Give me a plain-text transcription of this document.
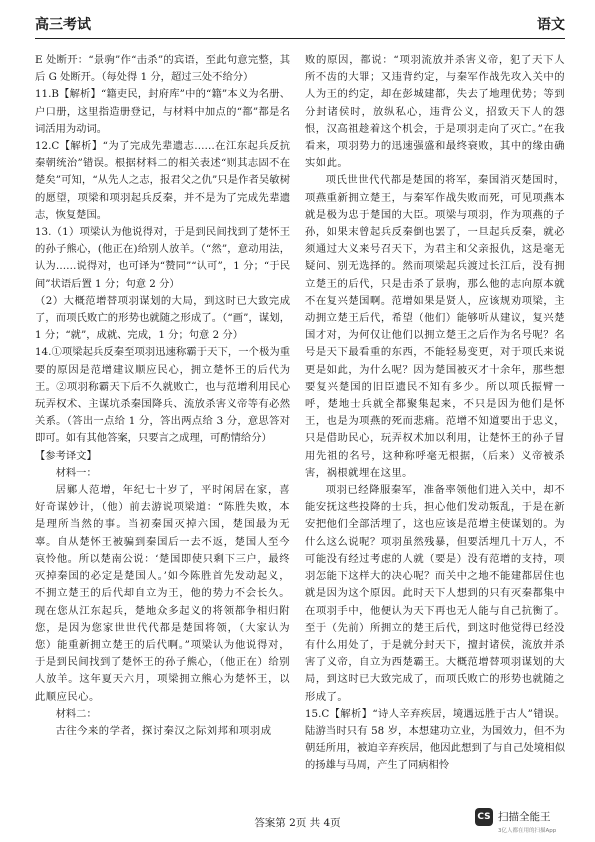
高三考试	语文

E 处断开：“景驹”作“击杀”的宾语，至此句意完整，其后 G 处断开。（每处得 1 分，超过三处不给分）

11.B【解析】“籍吏民，封府库”中的“籍”本义为名册、户口册，这里指造册登记，与材料中加点的“都”都是名词活用为动词。

12.C【解析】“为了完成先辈遗志……在江东起兵反抗秦朝统治”错误。根据材料二的相关表述“则其志固不在楚矣”可知，“从先人之志，报君父之仇”只是作者吴敏树的愿望，项梁和项羽起兵反秦，并不是为了完成先辈遗志，恢复楚国。

13.（1）项梁认为他说得对，于是到民间找到了楚怀王的孙子熊心，(他正在)给别人放羊。（“然”，意动用法，认为……说得对，也可译为“赞同”“认可”，1 分；“于民间”状语后置 1 分；句意 2 分）

（2）大概范增替项羽谋划的大局，到这时已大致完成了，而项氏败亡的形势也就随之形成了。（“画”，谋划，1 分；“就”，成就、完成，1 分；句意 2 分）

14.①项梁起兵反秦至项羽迅速称霸于天下，一个极为重要的原因是范增建议顺应民心，拥立楚怀王的后代为王。②项羽称霸天下后不久就败亡，也与范增利用民心玩弄权术、主谋坑杀秦国降兵、流放杀害义帝等有必然关系。（答出一点给 1 分，答出两点给 3 分，意思答对即可。如有其他答案，只要言之成理，可酌情给分）

【参考译文】

材料一：

居鄛人范增，年纪七十岁了，平时闲居在家，喜好奇谋妙计，（他）前去游说项梁道：“陈胜失败，本是理所当然的事。当初秦国灭掉六国，楚国最为无辜。自从楚怀王被骗到秦国后一去不返，楚国人至今哀怜他。所以楚南公说：‘楚国即使只剩下三户，最终灭掉秦国的必定是楚国人。’如今陈胜首先发动起义，不拥立楚王的后代却自立为王，他的势力不会长久。现在您从江东起兵，楚地众多起义的将领都争相归附您，是因为您家世世代代都是楚国将领，（大家认为您）能重新拥立楚王的后代啊。”项梁认为他说得对，于是到民间找到了楚怀王的孙子熊心，（他正在）给别人放羊。这年夏天六月，项梁拥立熊心为楚怀王，以此顺应民心。

材料二：

古往今来的学者，探讨秦汉之际刘邦和项羽成

败的原因，都说：“项羽流放并杀害义帝，犯了天下人所不齿的大罪；又违背约定，与秦军作战先攻入关中的人为王的约定，却在彭城建都，失去了地理优势；等到分封诸侯时，放纵私心，违背公义，招致天下人的怨恨，汉高祖趁着这个机会，于是项羽走向了灭亡。”在我看来，项羽势力的迅速强盛和最终衰败，其中的缘由确实如此。

项氏世世代代都是楚国的将军，秦国消灭楚国时，项燕重新拥立楚王，与秦军作战失败而死，可见项燕本就是极为忠于楚国的大臣。项梁与项羽，作为项燕的子孙，如果末曾起兵反秦倒也罢了，一旦起兵反秦，就必须通过大义来号召天下，为君主和父亲报仇，这是毫无疑问、别无选择的。然而项梁起兵渡过长江后，没有拥立楚王的后代，只是击杀了景驹，那么他的志向原本就不在复兴楚国啊。范增如果是贤人，应该规劝项梁，主动拥立楚王后代，希望（他们）能够听从建议，复兴楚国才对，为何仅让他们以拥立楚王之后作为名号呢？名号是天下最看重的东西，不能轻易变更，对于项氏来说更是如此，为什么呢？因为楚国被灭才十余年，那些想要复兴楚国的旧臣遗民不知有多少。所以项氏振臂一呼，楚地士兵就全都聚集起来，不只是因为他们是怀王，也是为项燕的死而悲痛。范增不知道要出于忠义，只是借助民心，玩弄权术加以利用，让楚怀王的孙子冒用先祖的名号，这种称呼毫无根据，（后来）义帝被杀害，祸根就埋在这里。

项羽已经降服秦军，准备率领他们进入关中，却不能安抚这些投降的士兵，担心他们发动叛乱，于是在新安把他们全部活埋了，这也应该是范增主使谋划的。为什么这么说呢？项羽虽然残暴，但要活埋几十万人，不可能没有经过考虑的人就（要是）没有范增的支持，项羽怎能下这样大的决心呢？而关中之地不能建都居住也就是因为这个原因。此时天下人想到的只有灭秦都集中在项羽手中，他便认为天下再也无人能与自己抗衡了。至于（先前）所拥立的楚王后代，到这时他觉得已经没有什么用处了，于是就分封天下，擅封诸侯，流放并杀害了义帝，自立为西楚霸王。大概范增替项羽谋划的大局，到这时已大致完成了，而项氏败亡的形势也就随之形成了。

15.C【解析】“诗人辛弃疾居，境遇远胜于古人”错误。陆游当时只有 58 岁，本想建功立业，为国效力，但不为朝廷所用，被迫辛弃疾居，他因此想到了与自己处境相似的扬雄与马周，产生了同病相怜

答案第 2页 共 4页	CS 扫描全能王
3亿人都在用的扫描App
